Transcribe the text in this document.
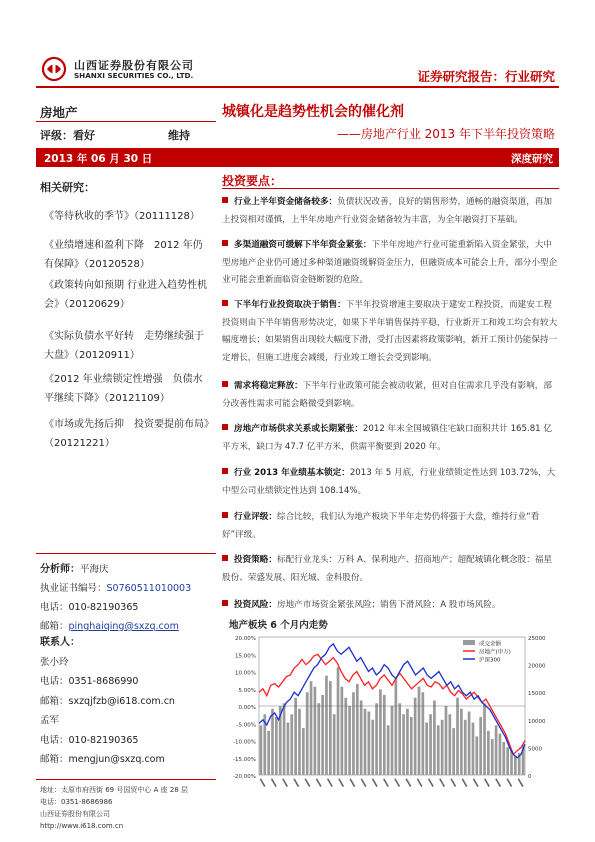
山西证券股份有限公司
SHANXI SECURITIES CO., LTD.	证券研究报告：行业研究
房地产
评级：看好	维持
城镇化是趋势性机会的催化剂
——房地产行业 2013 年下半年投资策略
2013 年 06 月 30 日	深度研究
相关研究：
《等待秋收的季节》（20111128）
《业绩增速和盈利下降　2012 年仍有保障》（20120528）
《政策转向如预期 行业进入趋势性机会》（20120629）
《实际负债水平好转　走势继续强于大盘》（20120911）
《2012 年业绩锁定性增强　负债水平继续下降》（20121109）
《市场或先扬后抑　投资要提前布局》（20121221）
投资要点：
行业上半年资金储备较多：负债状况改善，良好的销售形势，通畅的融资渠道，再加上投资相对谨慎，上半年房地产行业资金储备较为丰富，为全年融资打下基础。
多渠道融资可缓解下半年资金紧张：下半年房地产行业可能重新陷入资金紧张，大中型房地产企业仍可通过多种渠道融资缓解资金压力，但融资成本可能会上升，部分小型企业可能会重新面临资金链断裂的危险。
下半年行业投资取决于销售：下半年投资增速主要取决于建安工程投资，而建安工程投资则由下半年销售形势决定，如果下半年销售保持平稳，行业新开工和竣工均会有较大幅度增长；如果销售出现较大幅度下滑，受打击因素将政策影响，新开工预计仍能保持一定增长，但施工进度会减缓，行业竣工增长会受到影响。
需求将稳定释放：下半年行业政策可能会被动收紧，但对自住需求几乎没有影响，部分改善性需求可能会略微受到影响。
房地产市场供求关系或长期紧张：2012 年末全国城镇住宅缺口面积共计 165.81 亿平方米，缺口为 47.7 亿平方米，供需平衡要到 2020 年。
行业 2013 年业绩基本锁定：2013 年 5 月底，行业业绩锁定性达到 103.72%，大中型公司业绩锁定性达到 108.14%。
行业评级：综合比较，我们认为地产板块下半年走势仍将强于大盘，维持行业“看好”评级。
投资策略：标配行业龙头：万科 A、保利地产、招商地产；超配城镇化概念股：福星股份、荣盛发展、阳光城、金科股份。
投资风险：房地产市场资金紧张风险；销售下滑风险；A 股市场风险。
分析师：平海庆
执业证书编号：S0760511010003
电话：010-82190365
邮箱：pinghaiqing@sxzq.com
联系人：
张小玲
电话：0351-8686990
邮箱：sxzqjfzb@i618.com.cn
孟军
电话：010-82190365
邮箱：mengjun@sxzq.com
地址：太原市府西街 69 号国贸中心 A 座 28 层
电话：0351-8686986
山西证券股份有限公司
http://www.i618.com.cn
地产板块 6 个月内走势
20.00%
15.00%
10.00%
5.00%
0.00%
-5.00%
-10.00%
-15.00%
-20.00%
25000
20000
15000
10000
5000
0
成交金额
房地产(申万)
沪深300
